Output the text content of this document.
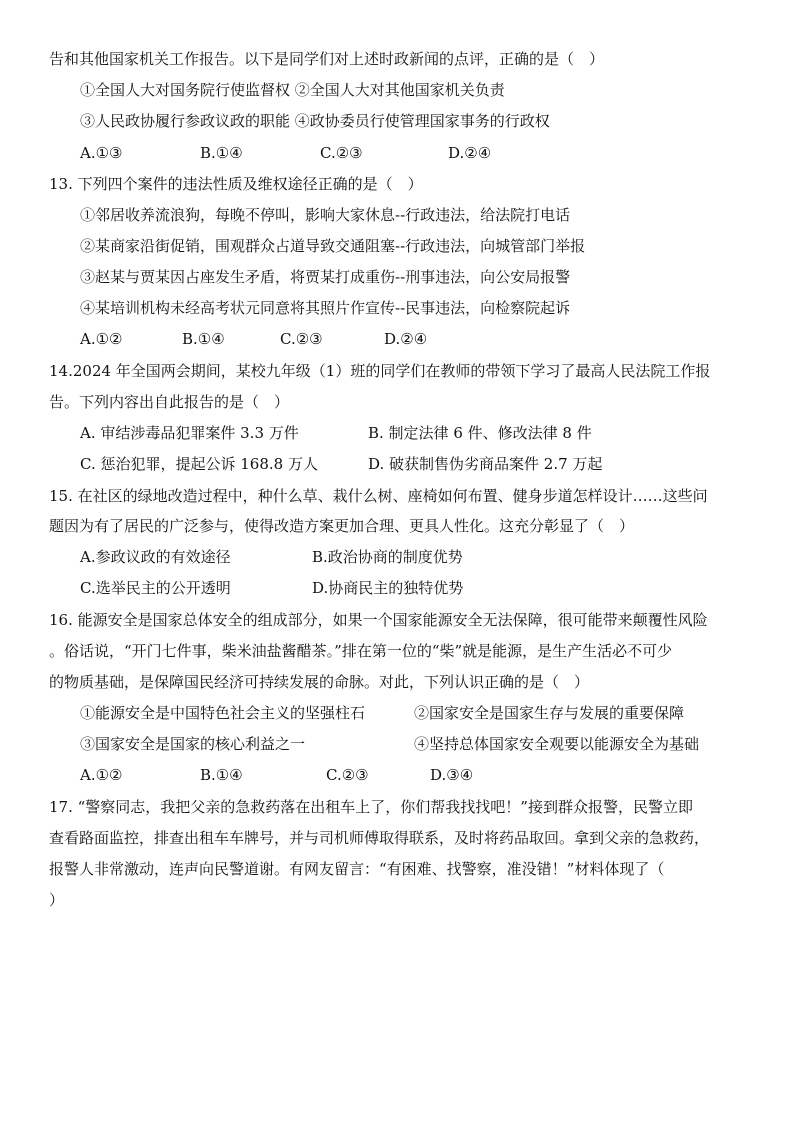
告和其他国家机关工作报告。以下是同学们对上述时政新闻的点评，正确的是（　）
①全国人大对国务院行使监督权 ②全国人大对其他国家机关负责
③人民政协履行参政议政的职能 ④政协委员行使管理国家事务的行政权
A.①③	B.①④	C.②③	D.②④
13. 下列四个案件的违法性质及维权途径正确的是（　）
①邻居收养流浪狗，每晚不停叫，影响大家休息--行政违法，给法院打电话
②某商家沿街促销，围观群众占道导致交通阻塞--行政违法，向城管部门举报
③赵某与贾某因占座发生矛盾，将贾某打成重伤--刑事违法，向公安局报警
④某培训机构未经高考状元同意将其照片作宣传--民事违法，向检察院起诉
A.①②	B.①④	C.②③	D.②④
14.2024 年全国两会期间，某校九年级（1）班的同学们在教师的带领下学习了最高人民法院工作报
告。下列内容出自此报告的是（　）
A. 审结涉毒品犯罪案件 3.3 万件	B. 制定法律 6 件、修改法律 8 件
C. 惩治犯罪，提起公诉 168.8 万人	D. 破获制售伪劣商品案件 2.7 万起
15. 在社区的绿地改造过程中，种什么草、栽什么树、座椅如何布置、健身步道怎样设计……这些问
题因为有了居民的广泛参与，使得改造方案更加合理、更具人性化。这充分彰显了（　）
A.参政议政的有效途径	B.政治协商的制度优势
C.选举民主的公开透明	D.协商民主的独特优势
16. 能源安全是国家总体安全的组成部分，如果一个国家能源安全无法保障，很可能带来颠覆性风险
。俗话说，“开门七件事，柴米油盐酱醋茶。”排在第一位的“柴”就是能源，是生产生活必不可少
的物质基础，是保障国民经济可持续发展的命脉。对此，下列认识正确的是（　）
①能源安全是中国特色社会主义的坚强柱石	②国家安全是国家生存与发展的重要保障
③国家安全是国家的核心利益之一	④坚持总体国家安全观要以能源安全为基础
A.①②	B.①④	C.②③	D.③④
17. “警察同志，我把父亲的急救药落在出租车上了，你们帮我找找吧！”接到群众报警，民警立即
查看路面监控，排查出租车车牌号，并与司机师傅取得联系，及时将药品取回。拿到父亲的急救药，
报警人非常激动，连声向民警道谢。有网友留言：“有困难、找警察，准没错！”材料体现了（
）
